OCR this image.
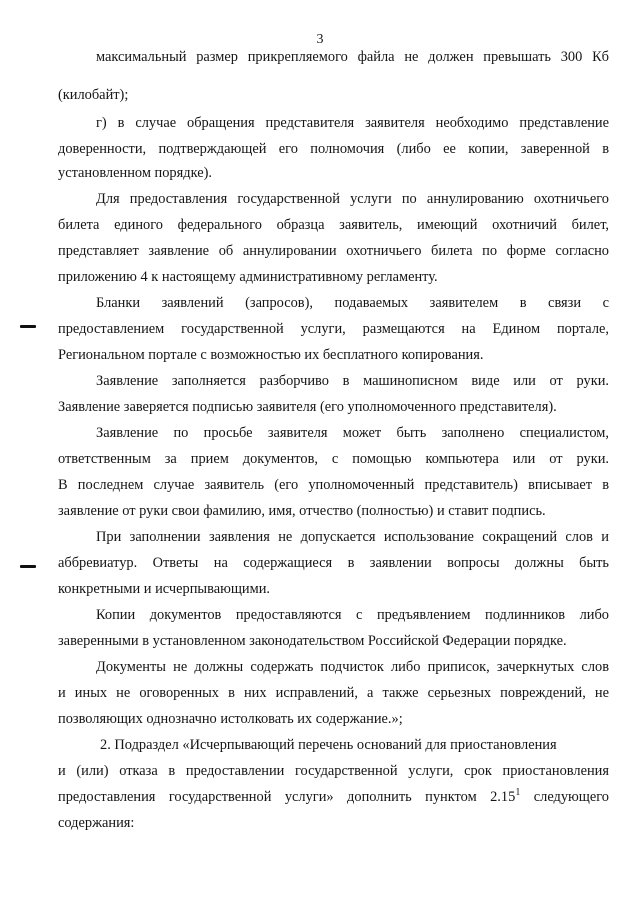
3
максимальный размер прикрепляемого файла не должен превышать 300 Кб
(килобайт);
г) в случае обращения представителя заявителя необходимо представление
доверенности, подтверждающей его полномочия (либо ее копии, заверенной в
установленном порядке).
Для предоставления государственной услуги по аннулированию охотничьего
билета единого федерального образца заявитель, имеющий охотничий билет,
представляет заявление об аннулировании охотничьего билета по форме согласно
приложению 4 к настоящему административному регламенту.
Бланки заявлений (запросов), подаваемых заявителем в связи с
предоставлением государственной услуги, размещаются на Едином портале,
Региональном портале с возможностью их бесплатного копирования.
Заявление заполняется разборчиво в машинописном виде или от руки.
Заявление заверяется подписью заявителя (его уполномоченного представителя).
Заявление по просьбе заявителя может быть заполнено специалистом,
ответственным за прием документов, с помощью компьютера или от руки.
В последнем случае заявитель (его уполномоченный представитель) вписывает в
заявление от руки свои фамилию, имя, отчество (полностью) и ставит подпись.
При заполнении заявления не допускается использование сокращений слов и
аббревиатур. Ответы на содержащиеся в заявлении вопросы должны быть
конкретными и исчерпывающими.
Копии документов предоставляются с предъявлением подлинников либо
заверенными в установленном законодательством Российской Федерации порядке.
Документы не должны содержать подчисток либо приписок, зачеркнутых слов
и иных не оговоренных в них исправлений, а также серьезных повреждений, не
позволяющих однозначно истолковать их содержание.»;
2. Подраздел «Исчерпывающий перечень оснований для приостановления
и (или) отказа в предоставлении государственной услуги, срок приостановления
предоставления государственной услуги» дополнить пунктом 2.15$^1$ следующего
содержания:
